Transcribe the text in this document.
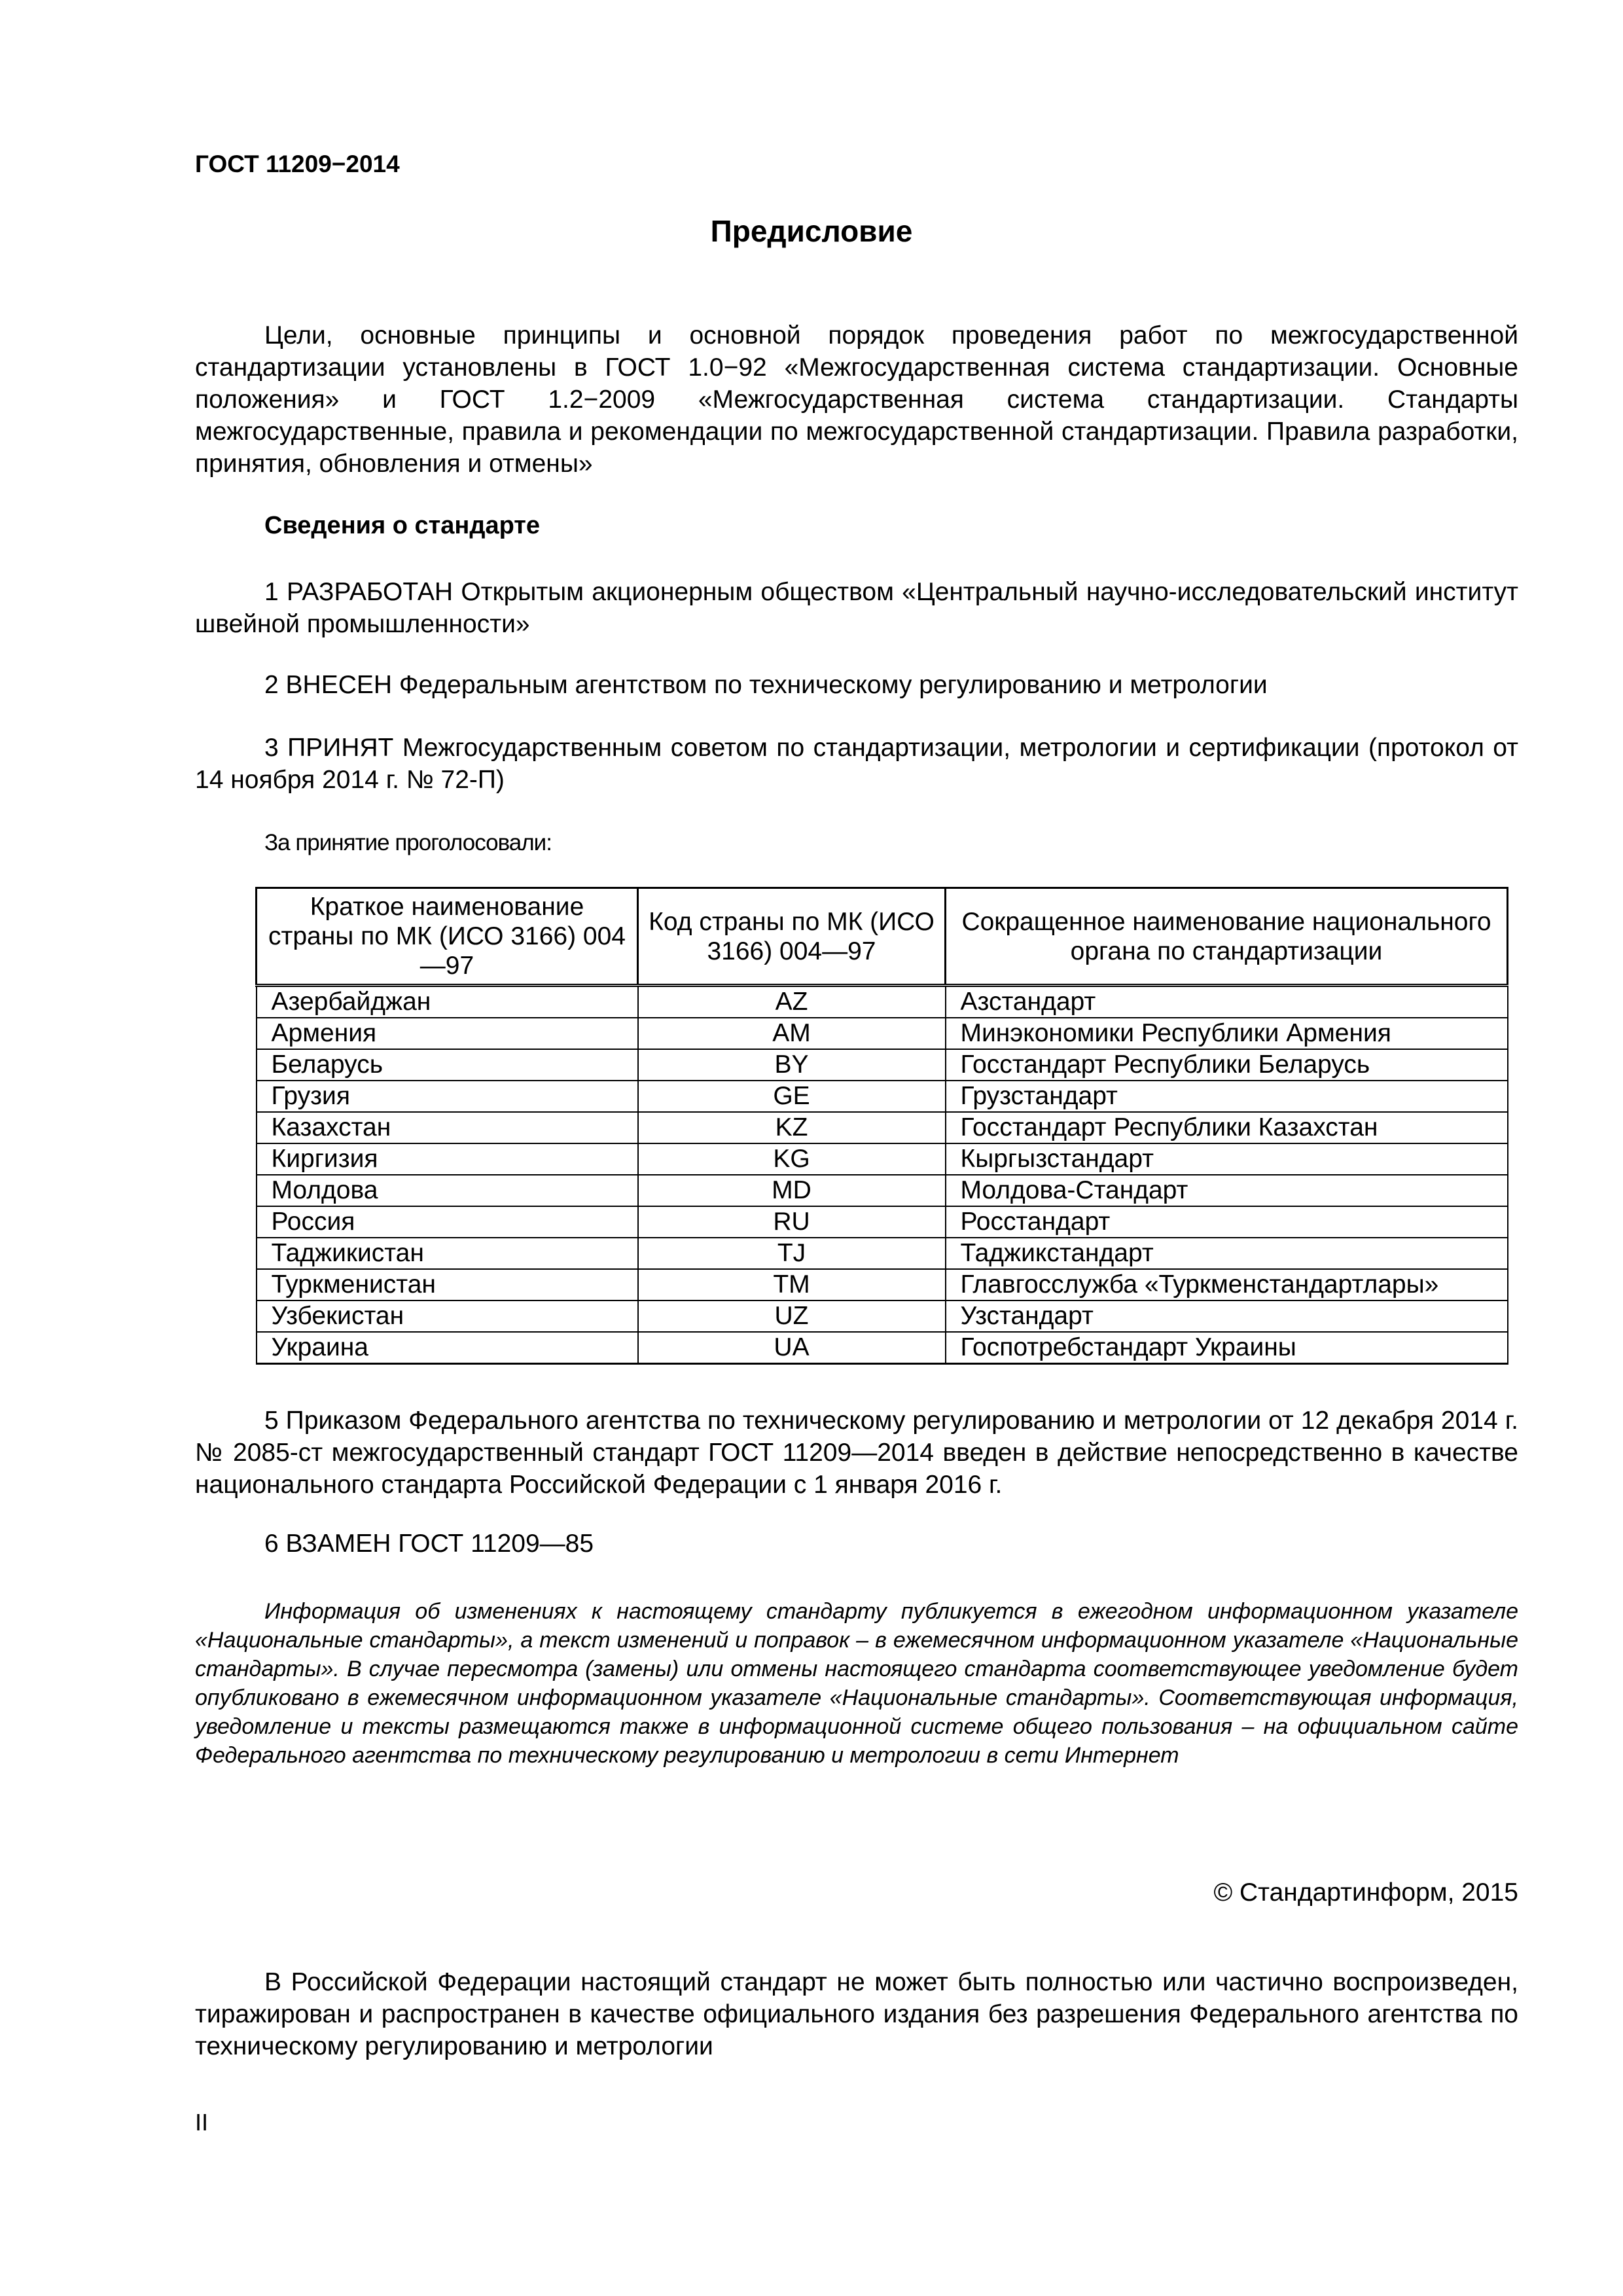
ГОСТ 11209−2014
Предисловие

Цели, основные принципы и основной порядок проведения работ по межгосударственной стандартизации установлены в ГОСТ 1.0−92 «Межгосударственная система стандартизации. Основные положения» и ГОСТ 1.2−2009 «Межгосударственная система стандартизации. Стандарты межгосударственные, правила и рекомендации по межгосударственной стандартизации. Правила разработки, принятия, обновления и отмены»

Сведения о стандарте

1 РАЗРАБОТАН Открытым акционерным обществом «Центральный научно-исследовательский институт швейной промышленности»

2 ВНЕСЕН Федеральным агентством по техническому регулированию и метрологии

3 ПРИНЯТ Межгосударственным советом по стандартизации, метрологии и сертификации (протокол от 14 ноября 2014 г. № 72-П)

За принятие проголосовали:
Краткое наименование страны по МК (ИСО 3166) 004—97	Код страны по МК (ИСО 3166) 004—97	Сокращенное наименование национального органа по стандартизации
Азербайджан	AZ	Азстандарт
Армения	AM	Минэкономики Республики Армения
Беларусь	BY	Госстандарт Республики Беларусь
Грузия	GE	Грузстандарт
Казахстан	KZ	Госстандарт Республики Казахстан
Киргизия	KG	Кыргызстандарт
Молдова	MD	Молдова-Стандарт
Россия	RU	Росстандарт
Таджикистан	TJ	Таджикстандарт
Туркменистан	TM	Главгосслужба «Туркменстандартлары»
Узбекистан	UZ	Узстандарт
Украина	UA	Госпотребстандарт Украины

5 Приказом Федерального агентства по техническому регулированию и метрологии от 12 декабря 2014 г. № 2085-ст межгосударственный стандарт ГОСТ 11209—2014 введен в действие непосредственно в качестве национального стандарта Российской Федерации с 1 января 2016 г.

6 ВЗАМЕН ГОСТ 11209—85

Информация об изменениях к настоящему стандарту публикуется в ежегодном информационном указателе «Национальные стандарты», а текст изменений и поправок – в ежемесячном информационном указателе «Национальные стандарты». В случае пересмотра (замены) или отмены настоящего стандарта соответствующее уведомление будет опубликовано в ежемесячном информационном указателе «Национальные стандарты». Соответствующая информация, уведомление и тексты размещаются также в информационной системе общего пользования – на официальном сайте Федерального агентства по техническому регулированию и метрологии в сети Интернет

© Стандартинформ, 2015

В Российской Федерации настоящий стандарт не может быть полностью или частично воспроизведен, тиражирован и распространен в качестве официального издания без разрешения Федерального агентства по техническому регулированию и метрологии

II
